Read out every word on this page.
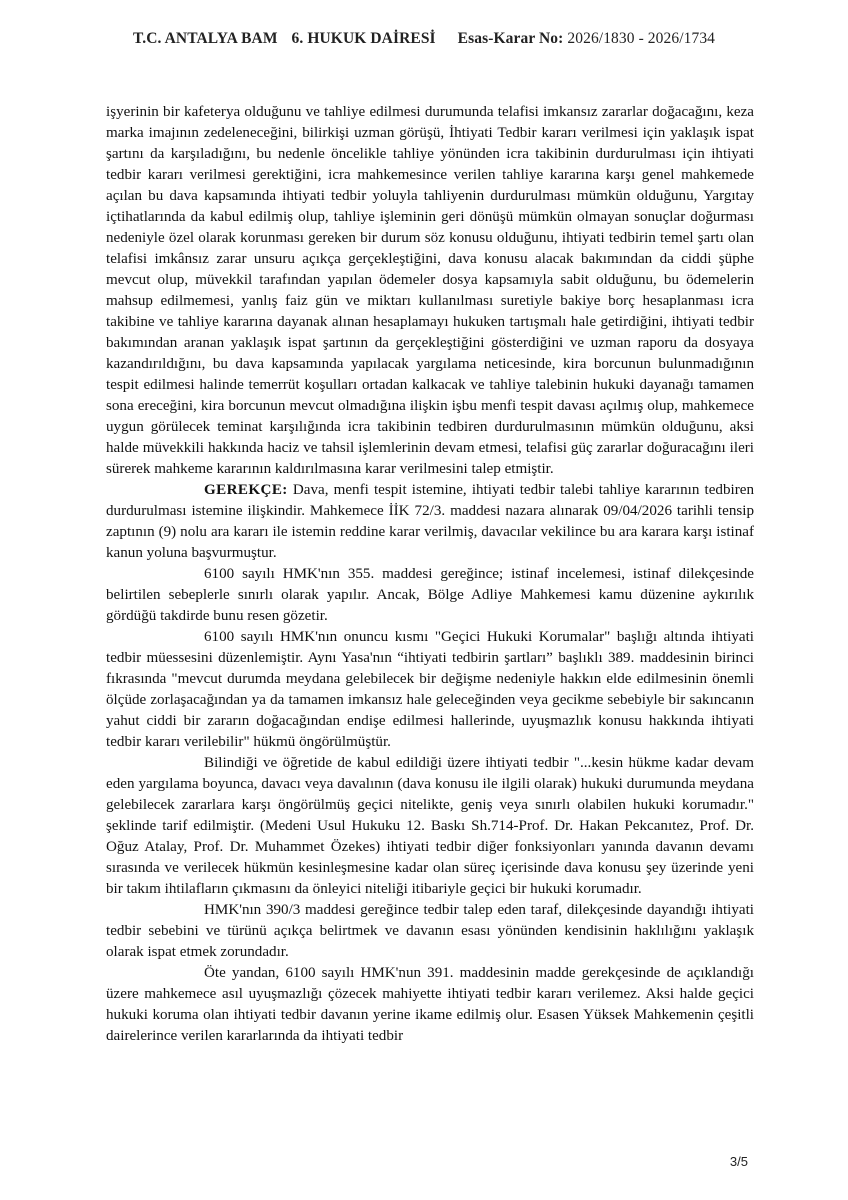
T.C. ANTALYA BAM 6. HUKUK DAİRESİ Esas-Karar No: 2026/1830 - 2026/1734

işyerinin bir kafeterya olduğunu ve tahliye edilmesi durumunda telafisi imkansız zararlar doğacağını, keza marka imajının zedeleneceğini, bilirkişi uzman görüşü, İhtiyati Tedbir kararı verilmesi için yaklaşık ispat şartını da karşıladığını, bu nedenle öncelikle tahliye yönünden icra takibinin durdurulması için ihtiyati tedbir kararı verilmesi gerektiğini, icra mahkemesince verilen tahliye kararına karşı genel mahkemede açılan bu dava kapsamında ihtiyati tedbir yoluyla tahliyenin durdurulması mümkün olduğunu, Yargıtay içtihatlarında da kabul edilmiş olup, tahliye işleminin geri dönüşü mümkün olmayan sonuçlar doğurması nedeniyle özel olarak korunması gereken bir durum söz konusu olduğunu, ihtiyati tedbirin temel şartı olan telafisi imkânsız zarar unsuru açıkça gerçekleştiğini, dava konusu alacak bakımından da ciddi şüphe mevcut olup, müvekkil tarafından yapılan ödemeler dosya kapsamıyla sabit olduğunu, bu ödemelerin mahsup edilmemesi, yanlış faiz gün ve miktarı kullanılması suretiyle bakiye borç hesaplanması icra takibine ve tahliye kararına dayanak alınan hesaplamayı hukuken tartışmalı hale getirdiğini, ihtiyati tedbir bakımından aranan yaklaşık ispat şartının da gerçekleştiğini gösterdiğini ve uzman raporu da dosyaya kazandırıldığını, bu dava kapsamında yapılacak yargılama neticesinde, kira borcunun bulunmadığının tespit edilmesi halinde temerrüt koşulları ortadan kalkacak ve tahliye talebinin hukuki dayanağı tamamen sona ereceğini, kira borcunun mevcut olmadığına ilişkin işbu menfi tespit davası açılmış olup, mahkemece uygun görülecek teminat karşılığında icra takibinin tedbiren durdurulmasının mümkün olduğunu, aksi halde müvekkili hakkında haciz ve tahsil işlemlerinin devam etmesi, telafisi güç zararlar doğuracağını ileri sürerek mahkeme kararının kaldırılmasına karar verilmesini talep etmiştir.

GEREKÇE: Dava, menfi tespit istemine, ihtiyati tedbir talebi tahliye kararının tedbiren durdurulması istemine ilişkindir. Mahkemece İİK 72/3. maddesi nazara alınarak 09/04/2026 tarihli tensip zaptının (9) nolu ara kararı ile istemin reddine karar verilmiş, davacılar vekilince bu ara karara karşı istinaf kanun yoluna başvurmuştur.

6100 sayılı HMK'nın 355. maddesi gereğince; istinaf incelemesi, istinaf dilekçesinde belirtilen sebeplerle sınırlı olarak yapılır. Ancak, Bölge Adliye Mahkemesi kamu düzenine aykırılık gördüğü takdirde bunu resen gözetir.

6100 sayılı HMK'nın onuncu kısmı "Geçici Hukuki Korumalar" başlığı altında ihtiyati tedbir müessesini düzenlemiştir. Aynı Yasa'nın “ihtiyati tedbirin şartları” başlıklı 389. maddesinin birinci fıkrasında "mevcut durumda meydana gelebilecek bir değişme nedeniyle hakkın elde edilmesinin önemli ölçüde zorlaşacağından ya da tamamen imkansız hale geleceğinden veya gecikme sebebiyle bir sakıncanın yahut ciddi bir zararın doğacağından endişe edilmesi hallerinde, uyuşmazlık konusu hakkında ihtiyati tedbir kararı verilebilir" hükmü öngörülmüştür.

Bilindiği ve öğretide de kabul edildiği üzere ihtiyati tedbir "...kesin hükme kadar devam eden yargılama boyunca, davacı veya davalının (dava konusu ile ilgili olarak) hukuki durumunda meydana gelebilecek zararlara karşı öngörülmüş geçici nitelikte, geniş veya sınırlı olabilen hukuki korumadır." şeklinde tarif edilmiştir. (Medeni Usul Hukuku 12. Baskı Sh.714-Prof. Dr. Hakan Pekcanıtez, Prof. Dr. Oğuz Atalay, Prof. Dr. Muhammet Özekes) ihtiyati tedbir diğer fonksiyonları yanında davanın devamı sırasında ve verilecek hükmün kesinleşmesine kadar olan süreç içerisinde dava konusu şey üzerinde yeni bir takım ihtilafların çıkmasını da önleyici niteliği itibariyle geçici bir hukuki korumadır.

HMK'nın 390/3 maddesi gereğince tedbir talep eden taraf, dilekçesinde dayandığı ihtiyati tedbir sebebini ve türünü açıkça belirtmek ve davanın esası yönünden kendisinin haklılığını yaklaşık olarak ispat etmek zorundadır.

Öte yandan, 6100 sayılı HMK'nun 391. maddesinin madde gerekçesinde de açıklandığı üzere mahkemece asıl uyuşmazlığı çözecek mahiyette ihtiyati tedbir kararı verilemez. Aksi halde geçici hukuki koruma olan ihtiyati tedbir davanın yerine ikame edilmiş olur. Esasen Yüksek Mahkemenin çeşitli dairelerince verilen kararlarında da ihtiyati tedbir

3/5
